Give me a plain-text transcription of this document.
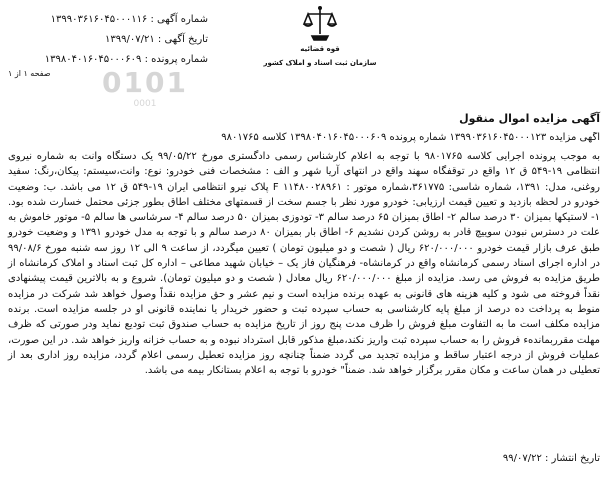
قوه قضائیه
سازمان ثبت اسناد و املاک کشور
شماره آگهی : ۱۳۹۹۰۳۶۱۶۰۴۵۰۰۰۱۱۶
تاریخ آگهی : ۱۳۹۹/۰۷/۲۱
شماره پرونده : ۱۳۹۸۰۴۰۱۶۰۴۵۰۰۰۶۰۹
0101
0001
صفحه ۱ از ۱
آگهی مزایده اموال منقول
آگهی مزایده ۱۳۹۹۰۳۶۱۶۰۴۵۰۰۰۱۲۳ شماره پرونده ۱۳۹۸۰۴۰۱۶۰۴۵۰۰۰۶۰۹ کلاسه ۹۸۰۱۷۶۵

به موجب پرونده اجرایی کلاسه ۹۸۰۱۷۶۵ با توجه به اعلام کارشناس رسمی دادگستری مورخ ۹۹/۰۵/۲۲ یک دستگاه وانت به شماره نیروی انتظامی ۱۹-۵۴۹ ق ۱۲ واقع در توقفگاه سهند واقع در انتهای آریا شهر و الف : مشخصات فنی خودرو: نوع: وانت،سیستم: پیکان،رنگ: سفید روغنی، مدل: ۱۳۹۱، شماره شاسی: ۳۶۱۷۷۵،شماره موتور : ۱۱۴۸۰۰۲۸۹۶۱ F پلاک نیرو انتظامی ایران ۱۹-۵۴۹ ق ۱۲ می باشد. ب: وضعیت خودرو در لحظه بازدید و تعیین قیمت ارزیابی: خودرو مورد نظر با جسم سخت از قسمتهای مختلف اطاق بطور جزئی محتمل خسارت شده بود. ۱- لاستیکها بمیزان ۳۰ درصد سالم ۲- اطاق بمیزان ۶۵ درصد سالم ۳- تودوزی بمیزان ۵۰ درصد سالم ۴- سرشاسی ها سالم ۵- موتور خاموش به علت در دسترس نبودن سوییچ قادر به روشن کردن نشدیم ۶- اطاق بار بمیزان ۸۰ درصد سالم و با توجه به مدل خودرو ۱۳۹۱ و وضعیت خودرو طبق عرف بازار قیمت خودرو ۶۲۰/۰۰۰/۰۰۰ ریال ( شصت و دو میلیون تومان ) تعیین میگردد، از ساعت ۹ الی ۱۲ روز سه شنبه مورخ ۹۹/۰۸/۶ در اداره اجرای اسناد رسمی کرمانشاه واقع در کرمانشاه- فرهنگیان فاز یک – خیابان شهید مطاعی – اداره کل ثبت اسناد و املاک کرمانشاه از طریق مزایده به فروش می رسد. مزایده از مبلغ ۶۲۰/۰۰۰/۰۰۰ ریال معادل ( شصت و دو میلیون تومان). شروع و به بالاترین قیمت پیشنهادی نقداً فروخته می شود و کلیه هزینه های قانونی به عهده برنده مزایده است و نیم عشر و حق مزایده نقداً وصول خواهد شد شرکت در مزایده منوط به پرداخت ده درصد از مبلغ پایه کارشناسی به حساب سپرده ثبت و حضور خریدار یا نماینده قانونی او در جلسه مزایده است. برنده مزایده مکلف است ما به التفاوت مبلغ فروش را ظرف مدت پنج روز از تاریخ مزایده به حساب صندوق ثبت تودیع نماید ودر صورتی که ظرف مهلت مقرربماندهء فروش را به حساب سپرده ثبت واریز نکند،مبلغ مذکور قابل استرداد نبوده و به حساب خزانه واریز خواهد شد. در این صورت، عملیات فروش از درجه اعتبار ساقط و مزایده تجدید می گردد ضمناً چنانچه روز مزایده تعطیل رسمی اعلام گردد، مزایده روز اداری بعد از تعطیلی در همان ساعت و مکان مقرر برگزار خواهد شد. ضمناً" خودرو با توجه به اعلام بستانکار بیمه می باشد.

تاریخ انتشار : ۹۹/۰۷/۲۲
